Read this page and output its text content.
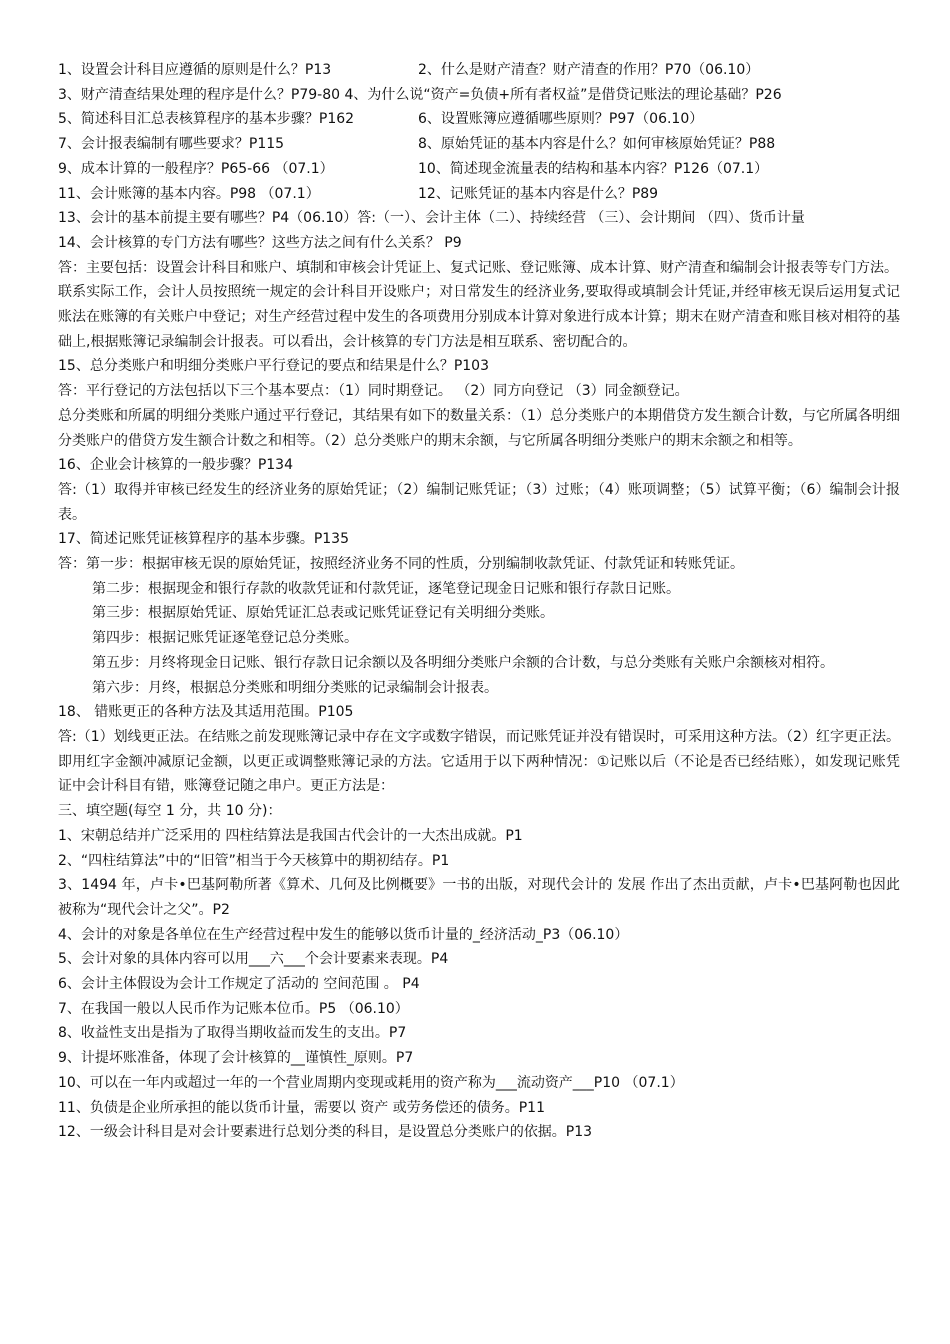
1、设置会计科目应遵循的原则是什么？P13	2、什么是财产清查？财产清查的作用？P70（06.10）
3、财产清查结果处理的程序是什么？P79-80 4、为什么说“资产=负债+所有者权益”是借贷记账法的理论基础？P26
5、简述科目汇总表核算程序的基本步骤？P162	6、设置账簿应遵循哪些原则？P97（06.10）
7、会计报表编制有哪些要求？P115	8、原始凭证的基本内容是什么？如何审核原始凭证？P88
9、成本计算的一般程序？P65-66 （07.1）	10、简述现金流量表的结构和基本内容？P126（07.1）
11、会计账簿的基本内容。P98 （07.1）	12、记账凭证的基本内容是什么？P89

13、会计的基本前提主要有哪些？P4（06.10）答:（一）、会计主体（二）、持续经营 （三）、会计期间 （四）、货币计量

14、会计核算的专门方法有哪些？这些方法之间有什么关系？ P9

答：主要包括：设置会计科目和账户、填制和审核会计凭证上、复式记账、登记账簿、成本计算、财产清查和编制会计报表等专门方法。

联系实际工作，会计人员按照统一规定的会计科目开设账户；对日常发生的经济业务,要取得或填制会计凭证,并经审核无误后运用复式记账法在账簿的有关账户中登记；对生产经营过程中发生的各项费用分别成本计算对象进行成本计算；期末在财产清查和账目核对相符的基础上,根据账簿记录编制会计报表。可以看出，会计核算的专门方法是相互联系、密切配合的。

15、总分类账户和明细分类账户平行登记的要点和结果是什么？P103

答：平行登记的方法包括以下三个基本要点：（1）同时期登记。 （2）同方向登记 （3）同金额登记。

总分类账和所属的明细分类账户通过平行登记，其结果有如下的数量关系：（1）总分类账户的本期借贷方发生额合计数，与它所属各明细分类账户的借贷方发生额合计数之和相等。（2）总分类账户的期末余额，与它所属各明细分类账户的期末余额之和相等。

16、企业会计核算的一般步骤？P134

答:（1）取得并审核已经发生的经济业务的原始凭证；（2）编制记账凭证；（3）过账；（4）账项调整；（5）试算平衡；（6）编制会计报表。

17、简述记账凭证核算程序的基本步骤。P135

答：第一步： 根据审核无误的原始凭证，按照经济业务不同的性质，分别编制收款凭证、付款凭证和转账凭证。
第二步： 根据现金和银行存款的收款凭证和付款凭证，逐笔登记现金日记账和银行存款日记账。
第三步： 根据原始凭证、原始凭证汇总表或记账凭证登记有关明细分类账。
第四步： 根据记账凭证逐笔登记总分类账。
第五步： 月终将现金日记账、银行存款日记余额以及各明细分类账户余额的合计数，与总分类账有关账户余额核对相符。
第六步： 月终，根据总分类账和明细分类账的记录编制会计报表。

18、 错账更正的各种方法及其适用范围。P105

答:（1）划线更正法。在结账之前发现账簿记录中存在文字或数字错误，而记账凭证并没有错误时，可采用这种方法。（2）红字更正法。即用红字金额冲减原记金额，以更正或调整账簿记录的方法。它适用于以下两种情况：①记账以后（不论是否已经结账），如发现记账凭证中会计科目有错，账簿登记随之串户。更正方法是：

三、填空题(每空 1 分，共 10 分)：

1、宋朝总结并广泛采用的 四柱结算法是我国古代会计的一大杰出成就。P1

2、“四柱结算法”中的“旧管”相当于今天核算中的期初结存。P1

3、1494 年，卢卡•巴基阿勒所著《算术、几何及比例概要》一书的出版，对现代会计的 发展 作出了杰出贡献，卢卡•巴基阿勒也因此被称为“现代会计之父”。P2

4、会计的对象是各单位在生产经营过程中发生的能够以货币计量的_经济活动_P3（06.10）

5、会计对象的具体内容可以用___六___个会计要素来表现。P4

6、会计主体假设为会计工作规定了活动的 空间范围 。 P4

7、在我国一般以人民币作为记账本位币。P5 （06.10）

8、收益性支出是指为了取得当期收益而发生的支出。P7

9、计提坏账准备，体现了会计核算的__谨慎性_原则。P7

10、可以在一年内或超过一年的一个营业周期内变现或耗用的资产称为___流动资产___P10 （07.1）

11、负债是企业所承担的能以货币计量，需要以 资产 或劳务偿还的债务。P11

12、一级会计科目是对会计要素进行总划分类的科目，是设置总分类账户的依据。P13
